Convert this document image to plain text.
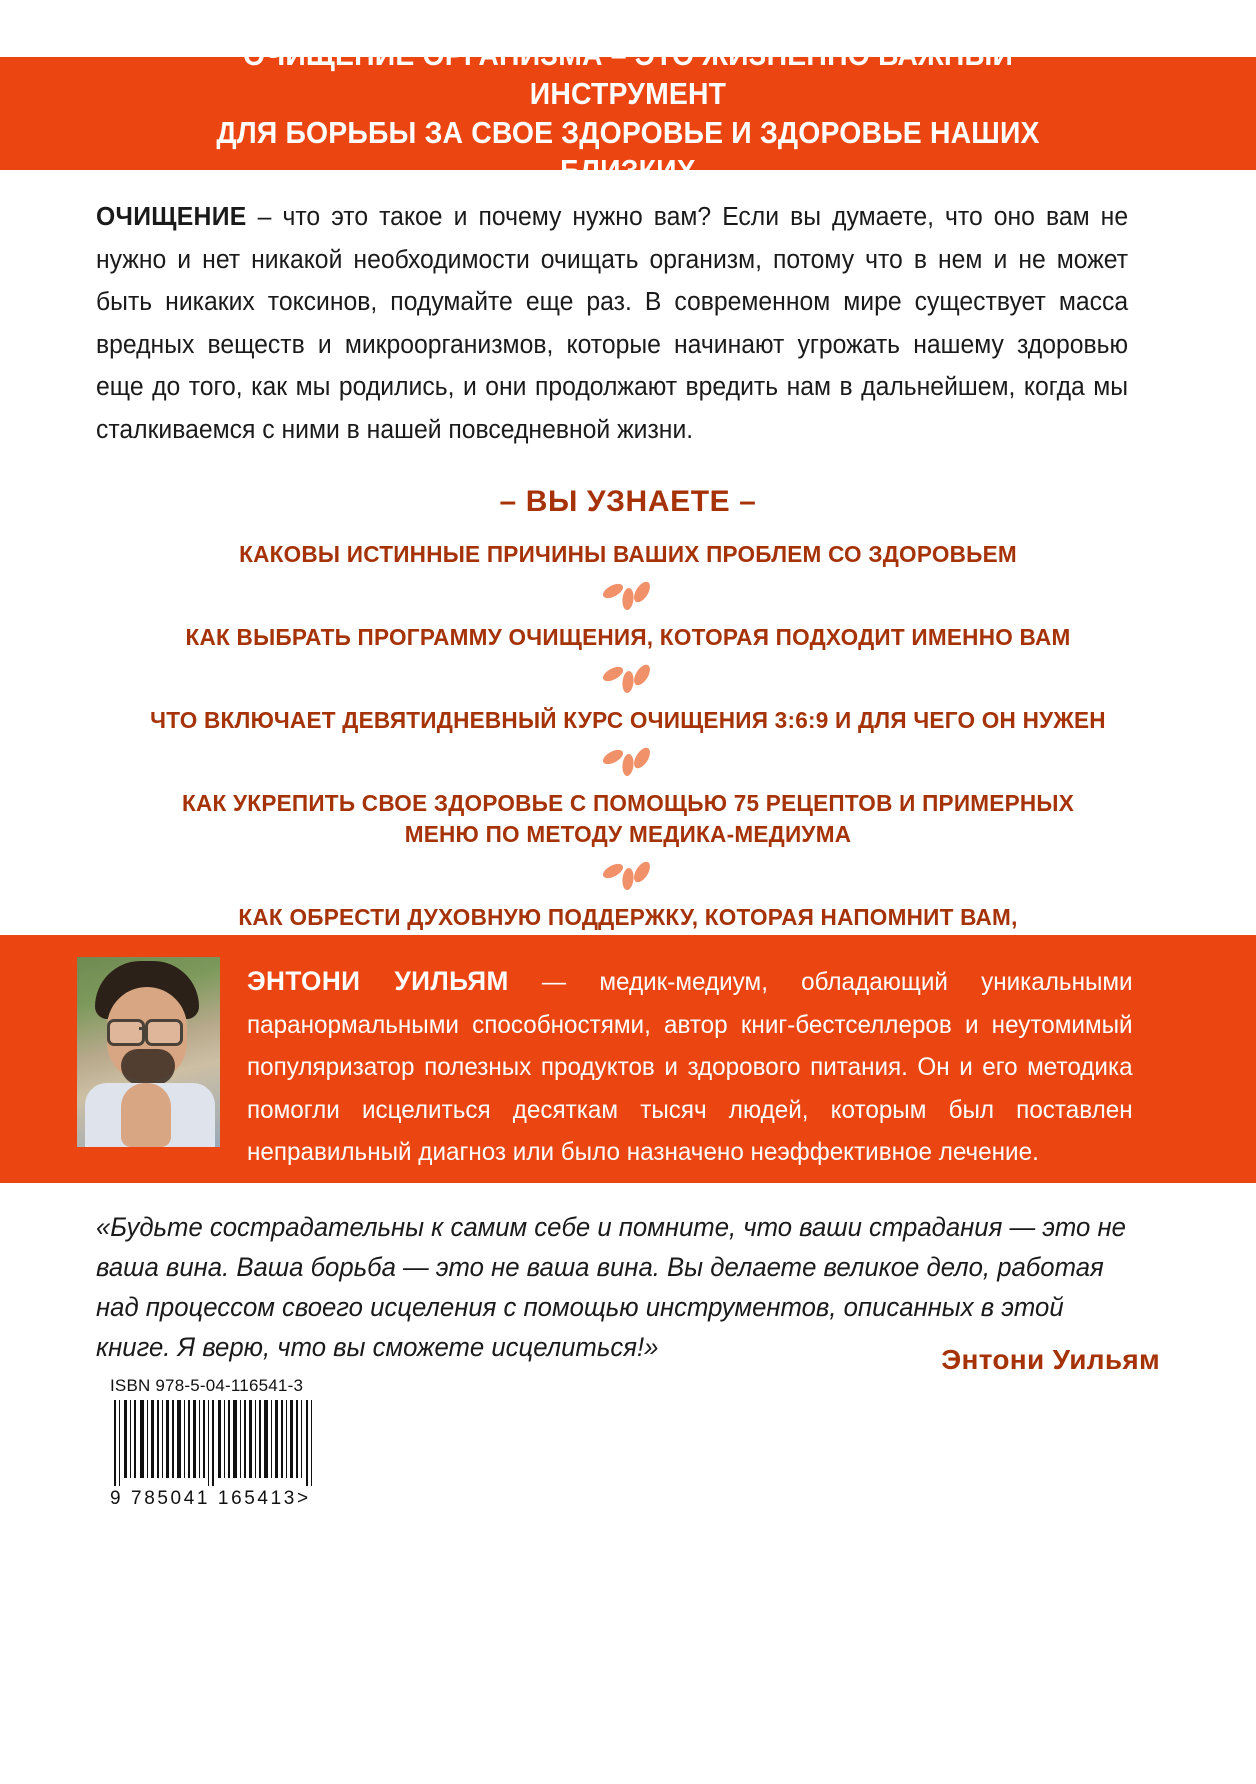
ОЧИЩЕНИЕ ОРГАНИЗМА – ЭТО ЖИЗНЕННО ВАЖНЫЙ ИНСТРУМЕНТ
ДЛЯ БОРЬБЫ ЗА СВОЕ ЗДОРОВЬЕ И ЗДОРОВЬЕ НАШИХ БЛИЗКИХ
ОЧИЩЕНИЕ – что это такое и почему нужно вам? Если вы думаете, что оно вам не нужно и нет никакой необходимости очищать организм, потому что в нем и не может быть никаких токсинов, подумайте еще раз. В современном мире существует масса вредных веществ и микроорганизмов, которые начинают угрожать нашему здоровью еще до того, как мы родились, и они продолжают вредить нам в дальнейшем, когда мы сталкиваемся с ними в нашей повседневной жизни.
– ВЫ УЗНАЕТЕ –
КАКОВЫ ИСТИННЫЕ ПРИЧИНЫ ВАШИХ ПРОБЛЕМ СО ЗДОРОВЬЕМ
КАК ВЫБРАТЬ ПРОГРАММУ ОЧИЩЕНИЯ, КОТОРАЯ ПОДХОДИТ ИМЕННО ВАМ
ЧТО ВКЛЮЧАЕТ ДЕВЯТИДНЕВНЫЙ КУРС ОЧИЩЕНИЯ 3:6:9 И ДЛЯ ЧЕГО ОН НУЖЕН
КАК УКРЕПИТЬ СВОЕ ЗДОРОВЬЕ С ПОМОЩЬЮ 75 РЕЦЕПТОВ И ПРИМЕРНЫХ
МЕНЮ ПО МЕТОДУ МЕДИКА-МЕДИУМА
КАК ОБРЕСТИ ДУХОВНУЮ ПОДДЕРЖКУ, КОТОРАЯ НАПОМНИТ ВАМ,
ЭНТОНИ УИЛЬЯМ — медик-медиум, обладающий уникальными паранормальными способностями, автор книг-бестселлеров и неутомимый популяризатор полезных продуктов и здорового питания. Он и его методика помогли исцелиться десяткам тысяч людей, которым был поставлен неправильный диагноз или было назначено неэффективное лечение.
«Будьте сострадательны к самим себе и помните, что ваши страдания — это не ваша вина. Ваша борьба — это не ваша вина. Вы делаете великое дело, работая над процессом своего исцеления с помощью инструментов, описанных в этой книге. Я верю, что вы сможете исцелиться!»	Энтони Уильям
ISBN 978-5-04-116541-3
9 785041 165413>
